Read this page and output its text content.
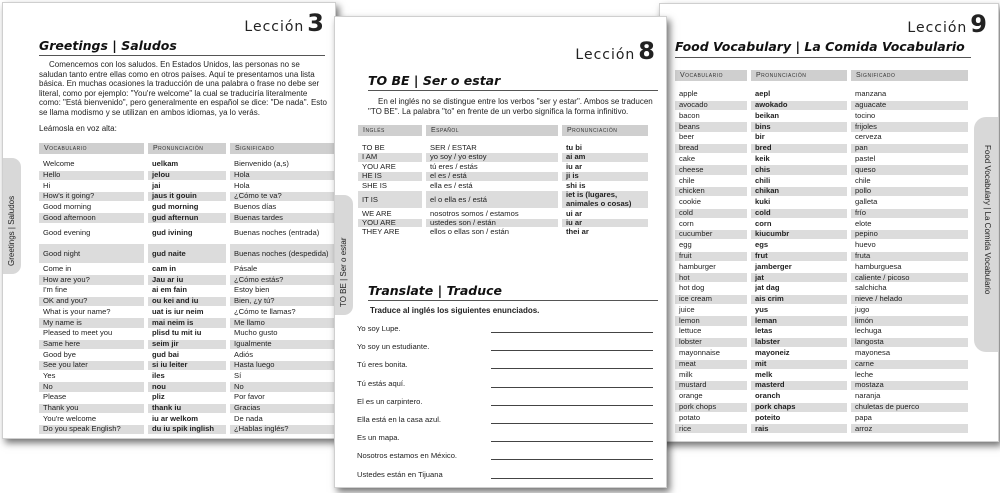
Lección 3
Greetings | Saludos
Comencemos con los saludos. En Estados Unidos, las personas no se saludan tanto entre ellas como en otros países. Aquí te presentamos una lista básica. En muchas ocasiones la traducción de una palabra o frase no debe ser literal, como por ejemplo: "You're welcome" la cual se traduciría literalmente como: "Está bienvenido", pero generalmente en español se dice: "De nada". Esto se llama modismo y se utilizan en ambos idiomas, ya lo verás.
Leámosla en voz alta:
Vocabulario	Pronunciación	Significado
Welcome	uelkam	Bienvenido (a,s)
Hello	jelou	Hola
Hi	jai	Hola
How's it going?	jaus it gouin	¿Cómo te va?
Good morning	gud morning	Buenos días
Good afternoon	gud afternun	Buenas tardes
Good evening	gud ivining	Buenas noches (entrada)
Good night	gud naite	Buenas noches (despedida)
Come in	cam in	Pásale
How are you?	Jau ar iu	¿Cómo estás?
I'm fine	ai em fain	Estoy bien
OK and you?	ou kei and iu	Bien, ¿y tú?
What is your name?	uat is iur neim	¿Cómo te llamas?
My name is	mai neim is	Me llamo
Pleased to meet you	plisd tu mit iu	Mucho gusto
Same here	seim jir	Igualmente
Good bye	gud bai	Adiós
See you later	si iu leiter	Hasta luego
Yes	iles	Sí
No	nou	No
Please	pliz	Por favor
Thank you	thank iu	Gracias
You're welcome	iu ar welkom	De nada
Do you speak English?	du iu spik inglish	¿Hablas inglés?
Greetings | Saludos
Lección 9
Food Vocabulary | La Comida Vocabulario
Vocabulario	Pronunciación	Significado
apple	aepl	manzana
avocado	awokado	aguacate
bacon	beikan	tocino
beans	bins	frijoles
beer	bir	cerveza
bread	bred	pan
cake	keik	pastel
cheese	chis	queso
chile	chili	chile
chicken	chikan	pollo
cookie	kuki	galleta
cold	cold	frío
corn	corn	elote
cucumber	kiucumbr	pepino
egg	egs	huevo
fruit	frut	fruta
hamburger	jamberger	hamburguesa
hot	jat	caliente / picoso
hot dog	jat dag	salchicha
ice cream	ais crim	nieve / helado
juice	yus	jugo
lemon	leman	limón
lettuce	letas	lechuga
lobster	labster	langosta
mayonnaise	mayoneiz	mayonesa
meat	mit	carne
milk	melk	leche
mustard	masterd	mostaza
orange	oranch	naranja
pork chops	pork chaps	chuletas de puerco
potato	poteito	papa
rice	rais	arroz
Food Vocabulary | La Comida Vocabulario
Lección 8
TO BE | Ser o estar
En el inglés no se distingue entre los verbos "ser y estar". Ambos se traducen "TO BE". La palabra "to" en frente de un verbo significa la forma infinitivo.
Inglés	Español	Pronunciación
TO BE	SER / ESTAR	tu bi
I AM	yo soy / yo estoy	ai am
YOU ARE	tú eres / estás	iu ar
HE IS	el es / está	ji is
SHE IS	ella es / está	shi is
IT IS	el o ella es / está	iet is (lugares, animales o cosas)
WE ARE	nosotros somos / estamos	ui ar
YOU ARE	ustedes son / están	iu ar
THEY ARE	ellos o ellas son / están	thei ar
Translate | Traduce
Traduce al inglés los siguientes enunciados.
Yo soy Lupe.
Yo soy un estudiante.
Tú eres bonita.
Tú estás aquí.
El es un carpintero.
Ella está en la casa azul.
Es un mapa.
Nosotros estamos en México.
Ustedes están en Tijuana
TO BE | Ser o estar
